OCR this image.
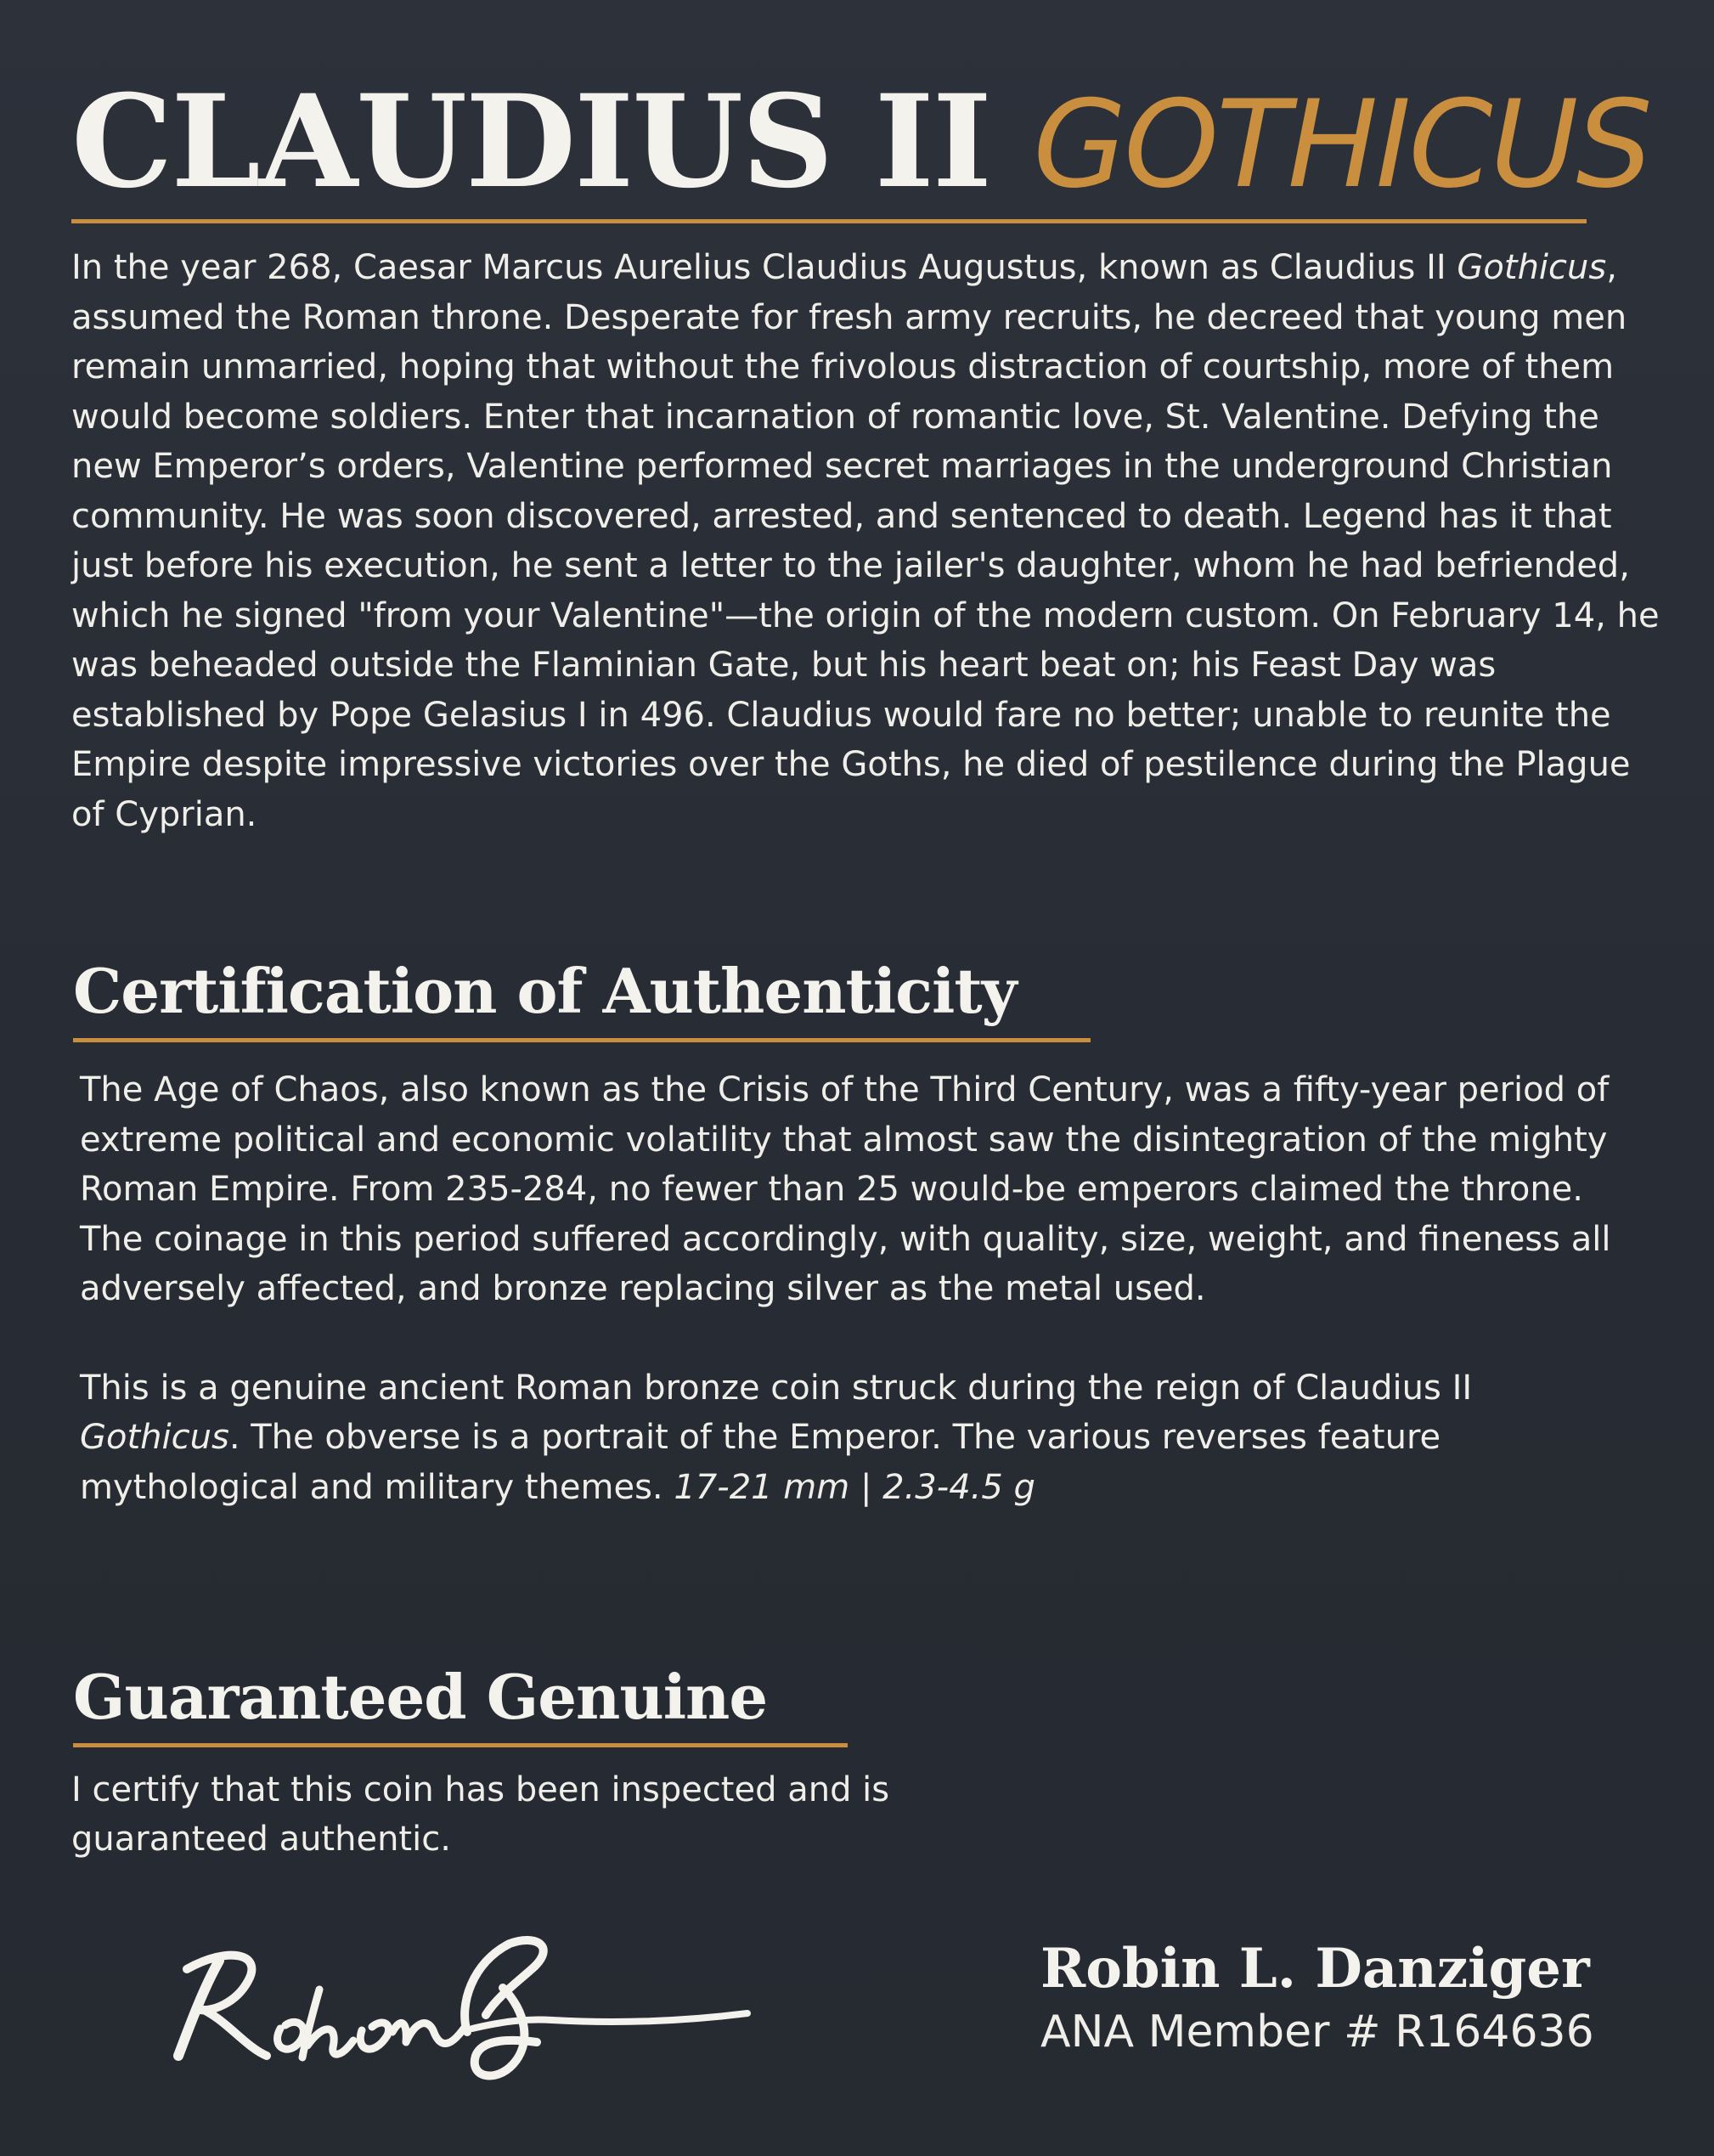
CLAUDIUS II GOTHICUS

In the year 268, Caesar Marcus Aurelius Claudius Augustus, known as Claudius II Gothicus, assumed the Roman throne. Desperate for fresh army recruits, he decreed that young men remain unmarried, hoping that without the frivolous distraction of courtship, more of them would become soldiers. Enter that incarnation of romantic love, St. Valentine. Defying the new Emperor’s orders, Valentine performed secret marriages in the underground Christian community. He was soon discovered, arrested, and sentenced to death. Legend has it that just before his execution, he sent a letter to the jailer's daughter, whom he had befriended, which he signed "from your Valentine"—the origin of the modern custom. On February 14, he was beheaded outside the Flaminian Gate, but his heart beat on; his Feast Day was established by Pope Gelasius I in 496. Claudius would fare no better; unable to reunite the Empire despite impressive victories over the Goths, he died of pestilence during the Plague of Cyprian.

Certification of Authenticity

The Age of Chaos, also known as the Crisis of the Third Century, was a fifty-year period of extreme political and economic volatility that almost saw the disintegration of the mighty Roman Empire. From 235-284, no fewer than 25 would-be emperors claimed the throne. The coinage in this period suffered accordingly, with quality, size, weight, and fineness all adversely affected, and bronze replacing silver as the metal used.

This is a genuine ancient Roman bronze coin struck during the reign of Claudius II Gothicus. The obverse is a portrait of the Emperor. The various reverses feature mythological and military themes. 17-21 mm | 2.3-4.5 g

Guaranteed Genuine
I certify that this coin has been inspected and is guaranteed authentic.
Robin L. Danziger
ANA Member # R164636
